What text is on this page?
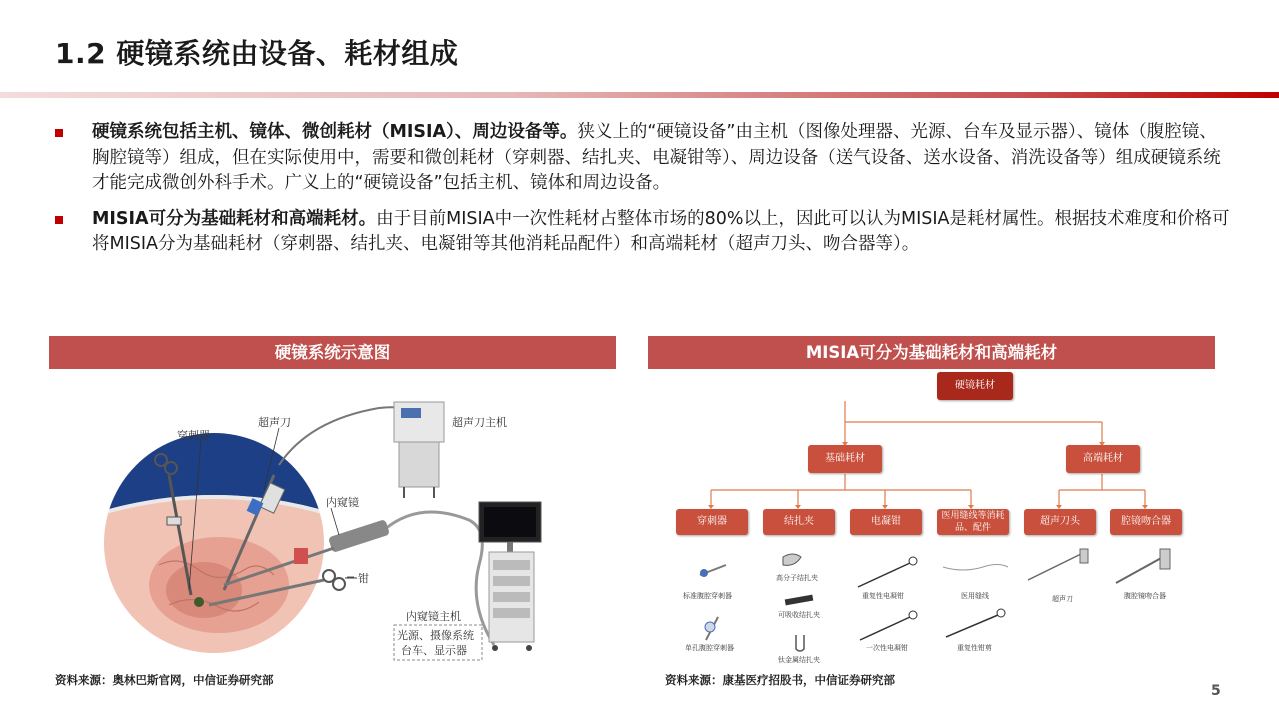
1.2 硬镜系统由设备、耗材组成
硬镜系统包括主机、镜体、微创耗材（MISIA）、周边设备等。狭义上的“硬镜设备”由主机（图像处理器、光源、台车及显示器）、镜体（腹腔镜、胸腔镜等）组成，但在实际使用中，需要和微创耗材（穿刺器、结扎夹、电凝钳等）、周边设备（送气设备、送水设备、消洗设备等）组成硬镜系统才能完成微创外科手术。广义上的“硬镜设备”包括主机、镜体和周边设备。
MISIA可分为基础耗材和高端耗材。由于目前MISIA中一次性耗材占整体市场的80%以上，因此可以认为MISIA是耗材属性。根据技术难度和价格可将MISIA分为基础耗材（穿刺器、结扎夹、电凝钳等其他消耗品配件）和高端耗材（超声刀头、吻合器等）。
硬镜系统示意图
穿刺器
超声刀	超声刀主机
内窥镜
钳
内窥镜主机
光源、摄像系统
台车、显示器
资料来源：奥林巴斯官网，中信证券研究部
MISIA可分为基础耗材和高端耗材
硬镜耗材
基础耗材	高端耗材
穿刺器	结扎夹	电凝钳	医用缝线等消耗品、配件
超声刀头	腔镜吻合器
标准腹腔穿刺器
单孔腹腔穿刺器
高分子结扎夹
可吸收结扎夹
钛金属结扎夹
重复性电凝钳
一次性电凝钳
医用缝线
重复性钳剪
超声刀	腹腔镜吻合器
资料来源：康基医疗招股书，中信证券研究部
5
